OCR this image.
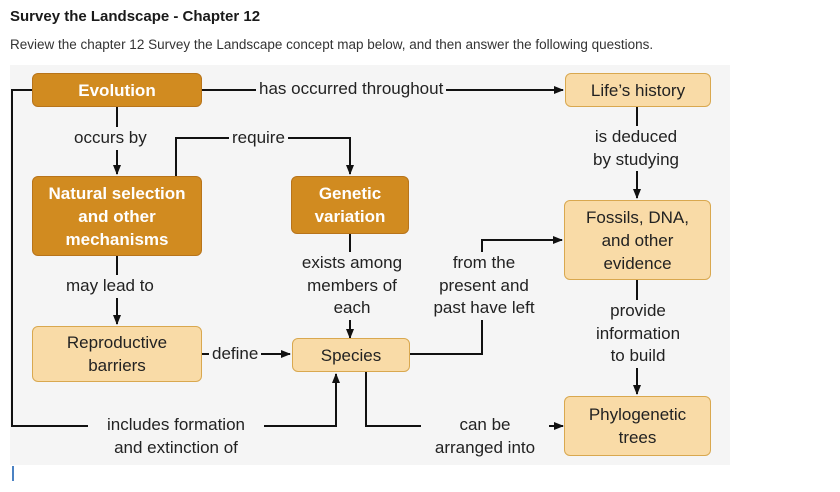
Survey the Landscape - Chapter 12
Review the chapter 12 Survey the Landscape concept map below, and then answer the following questions.
Evolution	Life’s history
Natural selection and other mechanisms
Genetic variation	Fossils, DNA, and other evidence
Reproductive barriers
Species
Phylogenetic trees
has occurred throughout
occurs by	require	is deduced by studying
may lead to
exists among members of each
from the present and past have left	provide information to build
define
includes formation and extinction of
can be arranged into
